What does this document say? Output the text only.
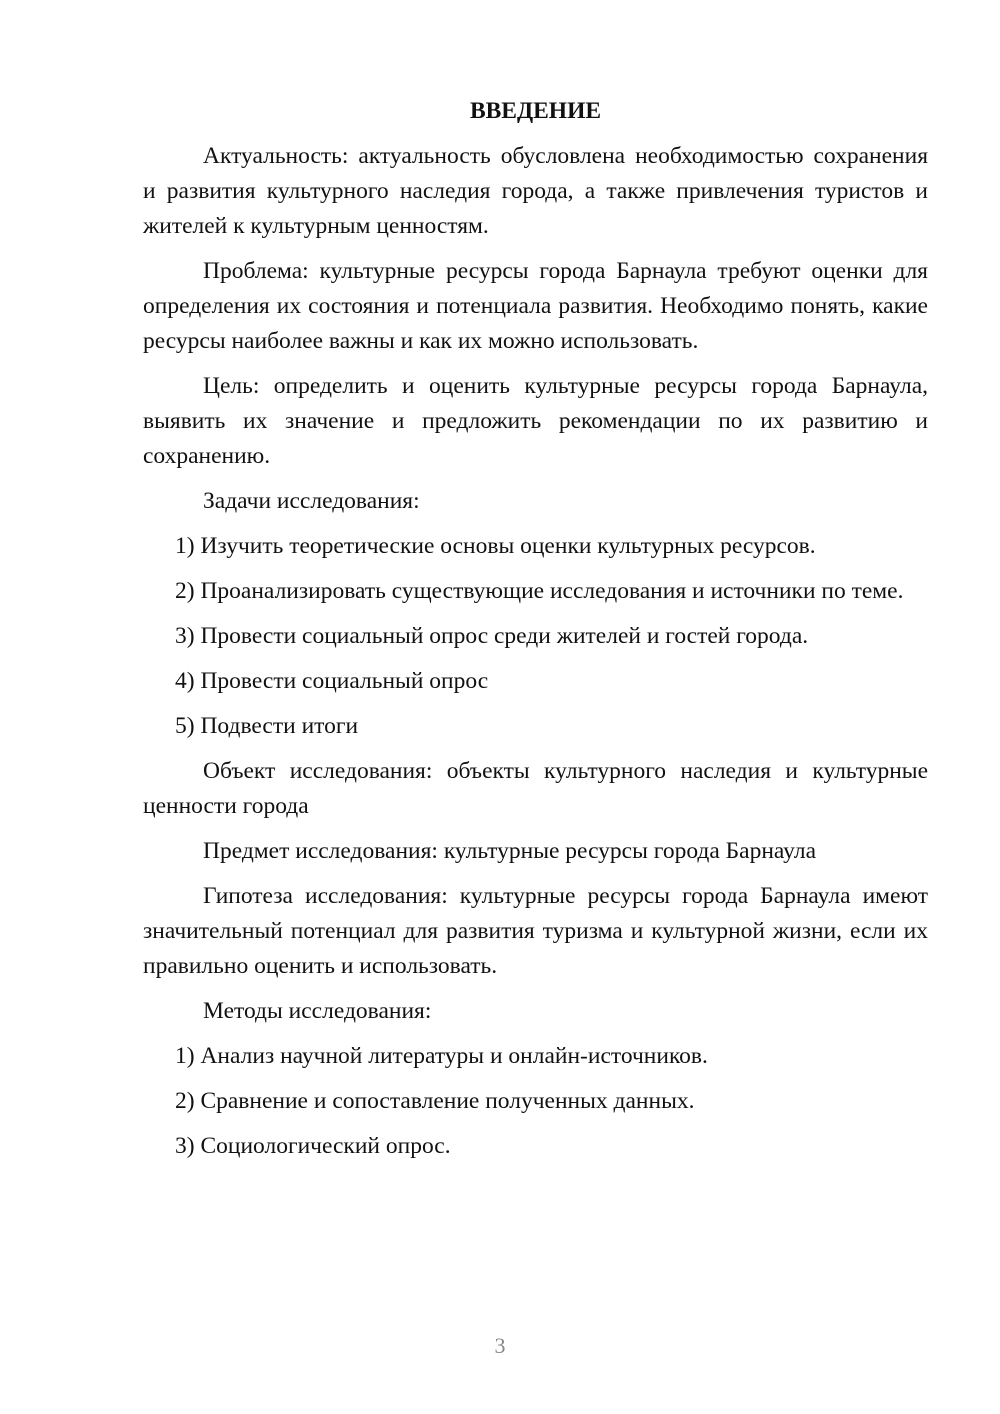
ВВЕДЕНИЕ

Актуальность: актуальность обусловлена необходимостью сохранения и развития культурного наследия города, а также привлечения туристов и жителей к культурным ценностям.

Проблема: культурные ресурсы города Барнаула требуют оценки для определения их состояния и потенциала развития. Необходимо понять, какие ресурсы наиболее важны и как их можно использовать.

Цель: определить и оценить культурные ресурсы города Барнаула, выявить их значение и предложить рекомендации по их развитию и сохранению.

Задачи исследования:

1) Изучить теоретические основы оценки культурных ресурсов.

2) Проанализировать существующие исследования и источники по теме.

3) Провести социальный опрос среди жителей и гостей города.

4) Провести социальный опрос

5) Подвести итоги

Объект исследования: объекты культурного наследия и культурные ценности города

Предмет исследования: культурные ресурсы города Барнаула

Гипотеза исследования: культурные ресурсы города Барнаула имеют значительный потенциал для развития туризма и культурной жизни, если их правильно оценить и использовать.

Методы исследования:

1) Анализ научной литературы и онлайн-источников.

2) Сравнение и сопоставление полученных данных.

3) Социологический опрос.

3
